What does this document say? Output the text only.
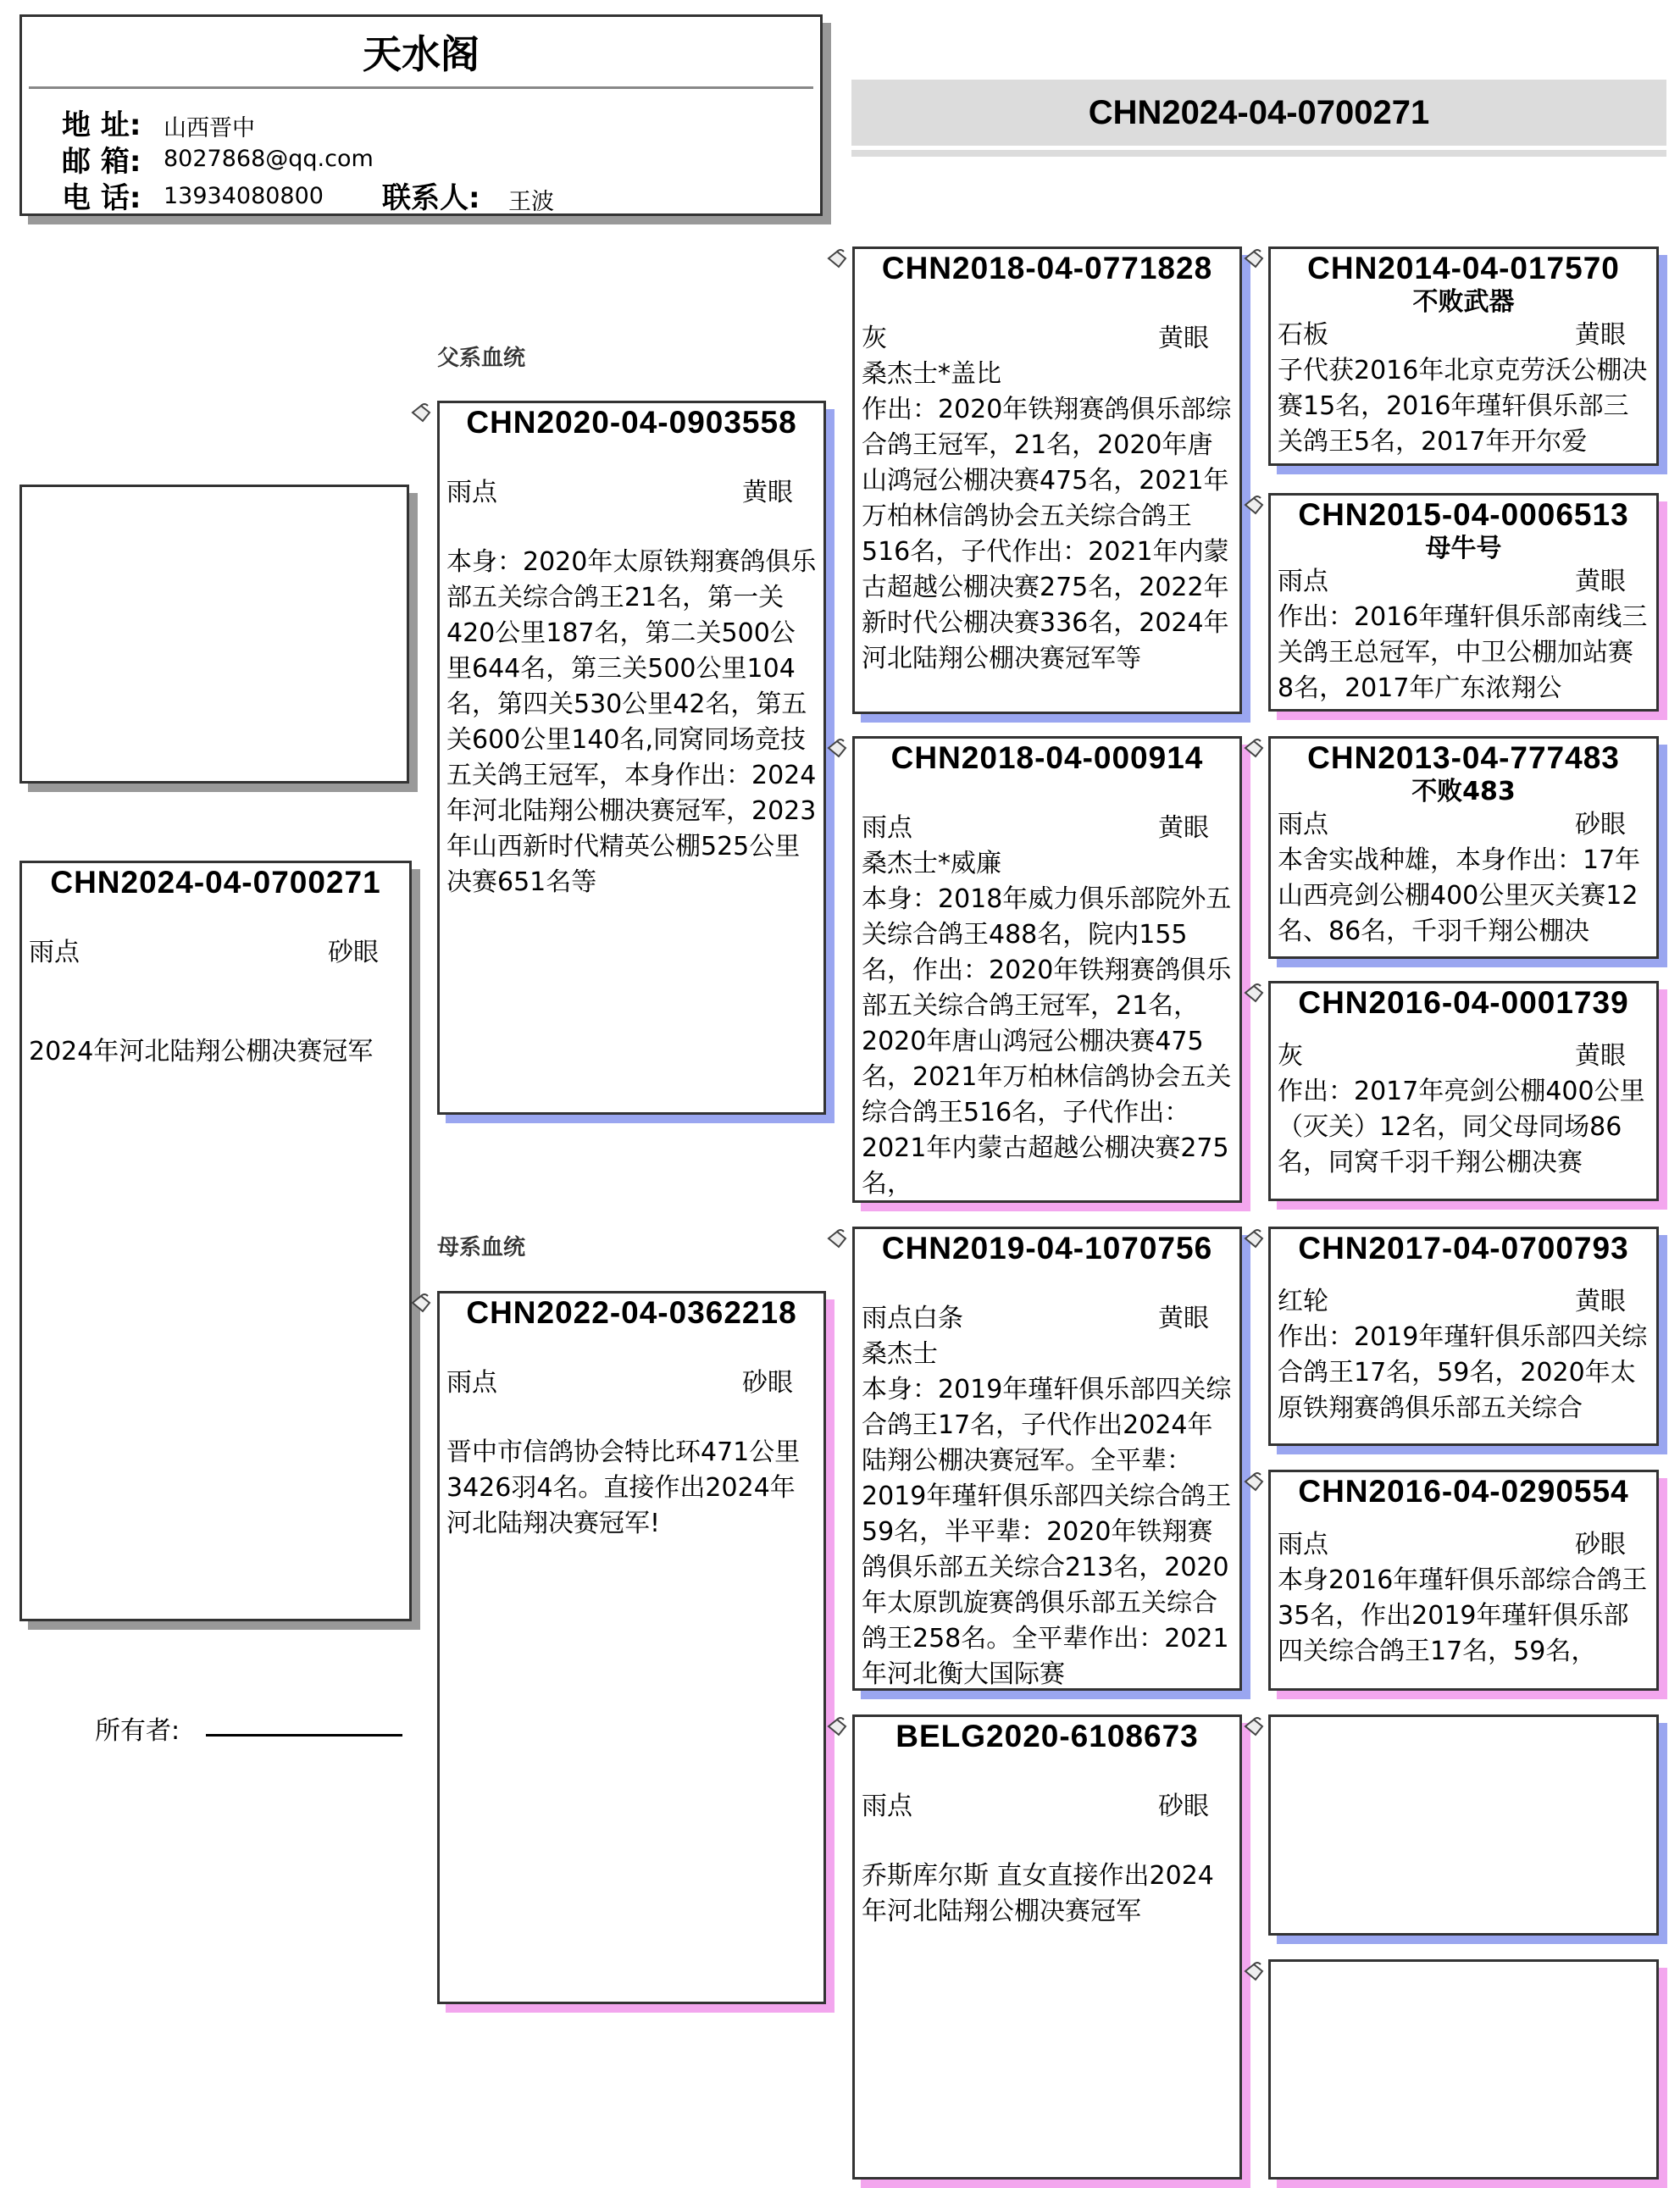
天水阁
地 址: 山西晋中
邮 箱: 8027868@qq.com
电 话: 13934080800 联系人: 王波
CHN2024-04-0700271
CHN2024-04-0700271
雨点	砂眼
2024年河北陆翔公棚决赛冠军
所有者:
父系血统
母系血统
CHN2020-04-0903558
雨点	黄眼
本身：2020年太原铁翔赛鸽俱乐部五关综合鸽王21名，第一关420公里187名，第二关500公里644名，第三关500公里104名，第四关530公里42名，第五关600公里140名,同窝同场竞技五关鸽王冠军，本身作出：2024年河北陆翔公棚决赛冠军，2023年山西新时代精英公棚525公里决赛651名等
CHN2022-04-0362218
雨点	砂眼
晋中市信鸽协会特比环471公里3426羽4名。直接作出2024年河北陆翔决赛冠军!
CHN2018-04-0771828
灰	黄眼
桑杰士*盖比
作出：2020年铁翔赛鸽俱乐部综合鸽王冠军，21名，2020年唐山鸿冠公棚决赛475名，2021年万柏林信鸽协会五关综合鸽王516名，子代作出：2021年内蒙古超越公棚决赛275名，2022年新时代公棚决赛336名，2024年河北陆翔公棚决赛冠军等
CHN2018-04-000914
雨点	黄眼
桑杰士*威廉
本身：2018年威力俱乐部院外五关综合鸽王488名，院内155名，作出：2020年铁翔赛鸽俱乐部五关综合鸽王冠军，21名，2020年唐山鸿冠公棚决赛475名，2021年万柏林信鸽协会五关综合鸽王516名，子代作出：2021年内蒙古超越公棚决赛275名，
CHN2019-04-1070756
雨点白条	黄眼
桑杰士
本身：2019年瑾轩俱乐部四关综合鸽王17名，子代作出2024年陆翔公棚决赛冠军。全平辈：2019年瑾轩俱乐部四关综合鸽王59名，半平辈：2020年铁翔赛鸽俱乐部五关综合213名，2020年太原凯旋赛鸽俱乐部五关综合鸽王258名。全平辈作出：2021年河北衡大国际赛
BELG2020-6108673
雨点	砂眼
乔斯库尔斯 直女直接作出2024年河北陆翔公棚决赛冠军
CHN2014-04-017570
不败武器
石板	黄眼
子代获2016年北京克劳沃公棚决赛15名，2016年瑾轩俱乐部三关鸽王5名，2017年开尔爱
CHN2015-04-0006513
母牛号
雨点	黄眼
作出：2016年瑾轩俱乐部南线三关鸽王总冠军，中卫公棚加站赛8名，2017年广东浓翔公
CHN2013-04-777483
不败483
雨点	砂眼
本舍实战种雄，本身作出：17年山西亮剑公棚400公里灭关赛12名、86名，千羽千翔公棚决
CHN2016-04-0001739
灰	黄眼
作出：2017年亮剑公棚400公里（灭关）12名，同父母同场86名，同窝千羽千翔公棚决赛
CHN2017-04-0700793
红轮	黄眼
作出：2019年瑾轩俱乐部四关综合鸽王17名，59名，2020年太原铁翔赛鸽俱乐部五关综合
CHN2016-04-0290554
雨点	砂眼
本身2016年瑾轩俱乐部综合鸽王35名，作出2019年瑾轩俱乐部四关综合鸽王17名，59名，
